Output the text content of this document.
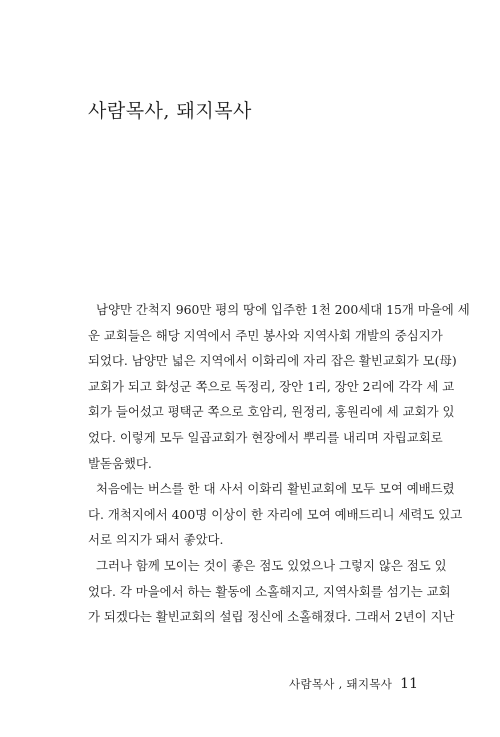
사람목사, 돼지목사
남양만 간척지 960만 평의 땅에 입주한 1천 200세대 15개 마을에 세
운 교회들은 해당 지역에서 주민 봉사와 지역사회 개발의 중심지가
되었다. 남양만 넓은 지역에서 이화리에 자리 잡은 활빈교회가 모(母)
교회가 되고 화성군 쪽으로 독정리, 장안 1리, 장안 2리에 각각 세 교
회가 들어섰고 평택군 쪽으로 호암리, 원정리, 홍원리에 세 교회가 있
었다. 이렇게 모두 일곱교회가 현장에서 뿌리를 내리며 자립교회로
발돋움했다.
처음에는 버스를 한 대 사서 이화리 활빈교회에 모두 모여 예배드렸
다. 개척지에서 400명 이상이 한 자리에 모여 예배드리니 세력도 있고
서로 의지가 돼서 좋았다.
그러나 함께 모이는 것이 좋은 점도 있었으나 그렇지 않은 점도 있
었다. 각 마을에서 하는 활동에 소홀해지고, 지역사회를 섬기는 교회
가 되겠다는 활빈교회의 설립 정신에 소홀해졌다. 그래서 2년이 지난
사람목사 , 돼지목사 11
